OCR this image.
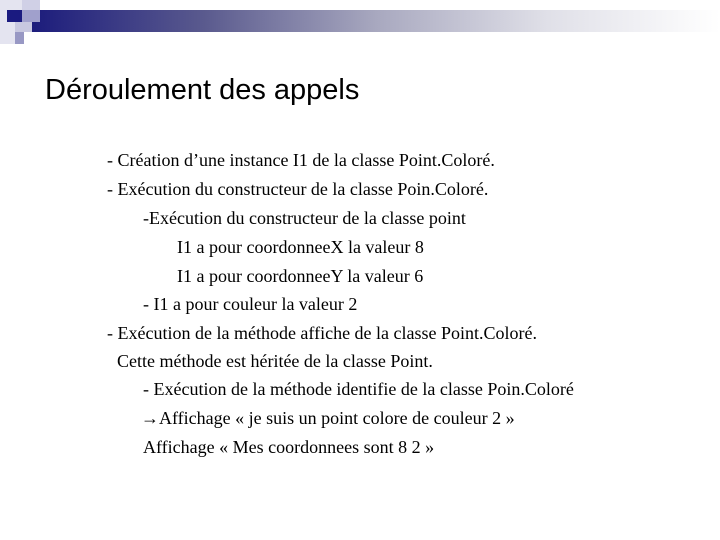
Déroulement des appels
- Création d’une instance I1 de la classe Point.Coloré.
- Exécution du constructeur de la classe Poin.Coloré.
-Exécution du constructeur de la classe point
I1 a pour coordonneeX la valeur 8
I1 a pour coordonneeY la valeur 6
- I1 a pour couleur la valeur 2
- Exécution de la méthode affiche de la classe Point.Coloré.
Cette méthode est héritée de la classe Point.
- Exécution de la méthode identifie de la classe Poin.Coloré
→Affichage « je suis un point colore de couleur 2 »
Affichage « Mes coordonnees sont 8 2 »
